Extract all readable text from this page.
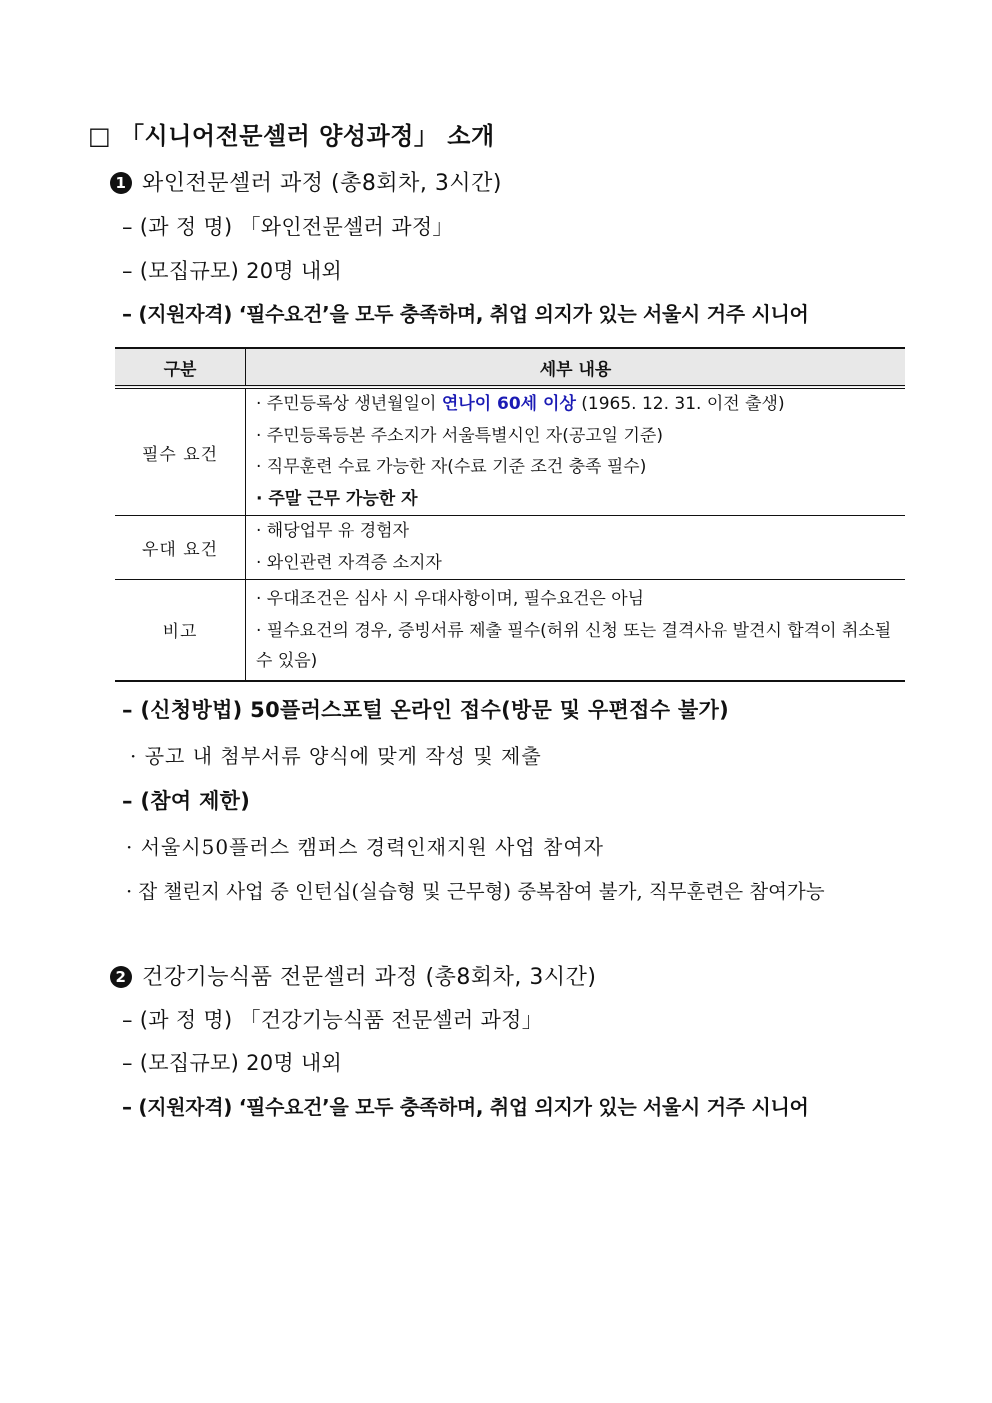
□ 「시니어전문셀러 양성과정」 소개
1 와인전문셀러 과정 (총8회차, 3시간)
– (과 정 명) 「와인전문셀러 과정」
– (모집규모) 20명 내외
– (지원자격) ‘필수요건’을 모두 충족하며, 취업 의지가 있는 서울시 거주 시니어
구분	세부 내용
필수 요건	· 주민등록상 생년월일이 연나이 60세 이상 (1965. 12. 31. 이전 출생)
· 주민등록등본 주소지가 서울특별시인 자(공고일 기준)
· 직무훈련 수료 가능한 자(수료 기준 조건 충족 필수)
· 주말 근무 가능한 자

우대 요건	· 해당업무 유 경험자
· 와인관련 자격증 소지자

비고	· 우대조건은 심사 시 우대사항이며, 필수요건은 아님
· 필수요건의 경우, 증빙서류 제출 필수(허위 신청 또는 결격사유 발견시 합격이 취소될 수 있음)
– (신청방법) 50플러스포털 온라인 접수(방문 및 우편접수 불가)
· 공고 내 첨부서류 양식에 맞게 작성 및 제출
– (참여 제한)
· 서울시50플러스 캠퍼스 경력인재지원 사업 참여자
· 잡 챌린지 사업 중 인턴십(실습형 및 근무형) 중복참여 불가, 직무훈련은 참여가능
2 건강기능식품 전문셀러 과정 (총8회차, 3시간)
– (과 정 명) 「건강기능식품 전문셀러 과정」
– (모집규모) 20명 내외
– (지원자격) ‘필수요건’을 모두 충족하며, 취업 의지가 있는 서울시 거주 시니어
